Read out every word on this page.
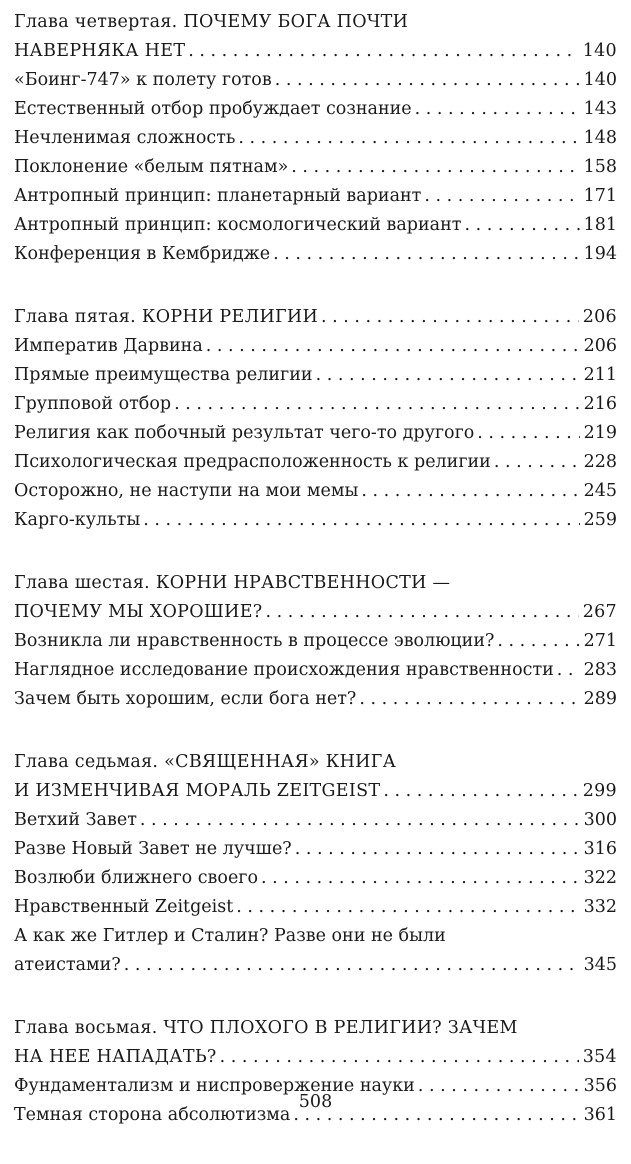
Глава четвертая. ПОЧЕМУ БОГА ПОЧТИ
НАВЕРНЯКА НЕТ . . .	140
«Боинг-747» к полету готов . . .	140
Естественный отбор пробуждает сознание . . .	143
Нечленимая сложность . . .	148
Поклонение «белым пятнам» . . .	158
Антропный принцип: планетарный вариант . . .	171
Антропный принцип: космологический вариант . . .	181
Конференция в Кембридже . . .	194
Глава пятая. КОРНИ РЕЛИГИИ . . .	206
Императив Дарвина . . .	206
Прямые преимущества религии . . .	211
Групповой отбор . . .	216
Религия как побочный результат чего-то другого . . .	219
Психологическая предрасположенность к религии . . .	228
Осторожно, не наступи на мои мемы . . .	245
Карго-культы . . .	259
Глава шестая. КОРНИ НРАВСТВЕННОСТИ —
ПОЧЕМУ МЫ ХОРОШИЕ? . . .	267
Возникла ли нравственность в процессе эволюции? . . .	271
Наглядное исследование происхождения нравственности . . . 283
Зачем быть хорошим, если бога нет? . . .	289
Глава седьмая. «СВЯЩЕННАЯ» КНИГА
И ИЗМЕНЧИВАЯ МОРАЛЬ ZEITGEIST . . .	299
Ветхий Завет . . .	300
Разве Новый Завет не лучше? . . .	316
Возлюби ближнего своего . . .	322
Нравственный Zeitgeist . . .	332
А как же Гитлер и Сталин? Разве они не были
атеистами? . . .	345
Глава восьмая. ЧТО ПЛОХОГО В РЕЛИГИИ? ЗАЧЕМ
НА НЕЕ НАПАДАТЬ? . . .	354
Фундаментализм и ниспровержение науки . . .	356
Темная сторона абсолютизма . . .	361
508
